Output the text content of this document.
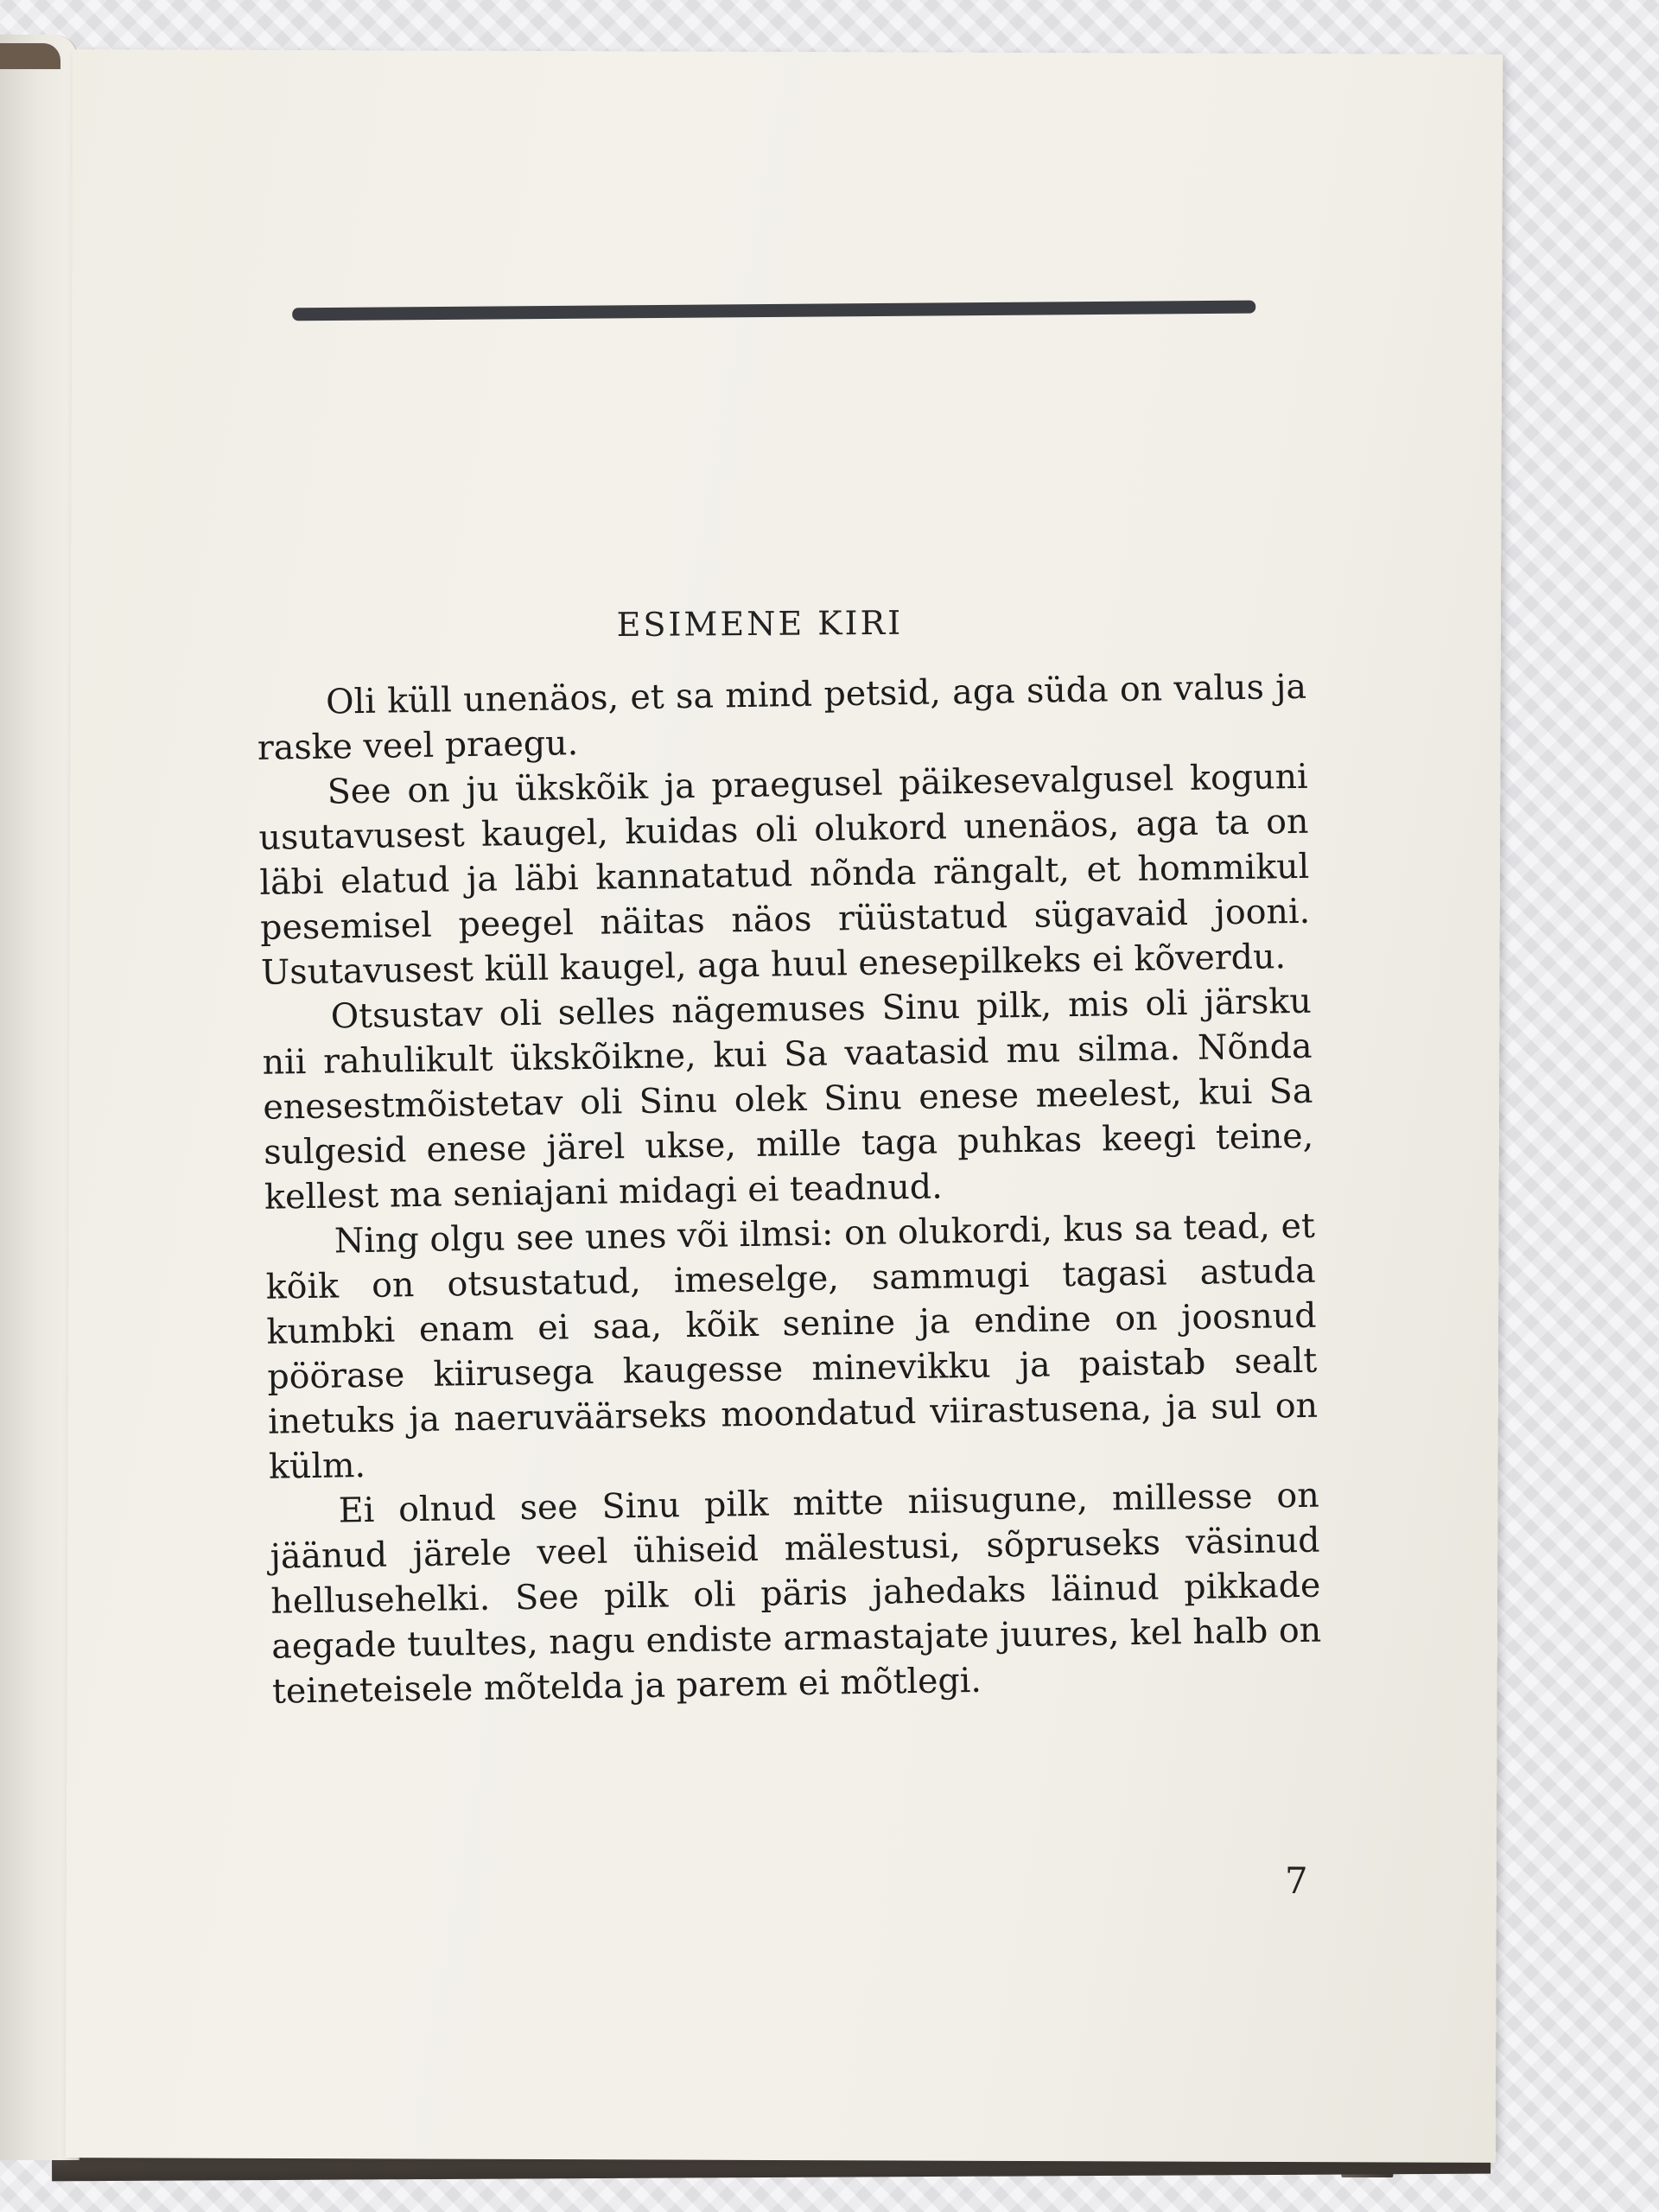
ESIMENE KIRI

Oli küll unenäos, et sa mind petsid, aga süda on valus ja raske veel praegu.

See on ju ükskõik ja praegusel päikesevalgusel koguni usutavusest kaugel, kuidas oli olukord unenäos, aga ta on läbi elatud ja läbi kannatatud nõnda rängalt, et hommikul pesemisel peegel näitas näos rüüstatud sügavaid jooni. Usutavusest küll kaugel, aga huul enesepilkeks ei kõverdu.

Otsustav oli selles nägemuses Sinu pilk, mis oli järsku nii rahulikult ükskõikne, kui Sa vaatasid mu silma. Nõnda enesestmõistetav oli Sinu olek Sinu enese meelest, kui Sa sulgesid enese järel ukse, mille taga puhkas keegi teine, kellest ma seniajani midagi ei teadnud.

Ning olgu see unes või ilmsi: on olukordi, kus sa tead, et kõik on otsustatud, imeselge, sammugi tagasi astuda kumbki enam ei saa, kõik senine ja endine on joosnud pöörase kiirusega kaugesse minevikku ja paistab sealt inetuks ja naeruväärseks moondatud viirastusena, ja sul on külm.

Ei olnud see Sinu pilk mitte niisugune, millesse on jäänud järele veel ühiseid mälestusi, sõpruseks väsinud hellusehelki. See pilk oli päris jahedaks läinud pikkade aegade tuultes, nagu endiste armastajate juures, kel halb on teineteisele mõtelda ja parem ei mõtlegi.

7
